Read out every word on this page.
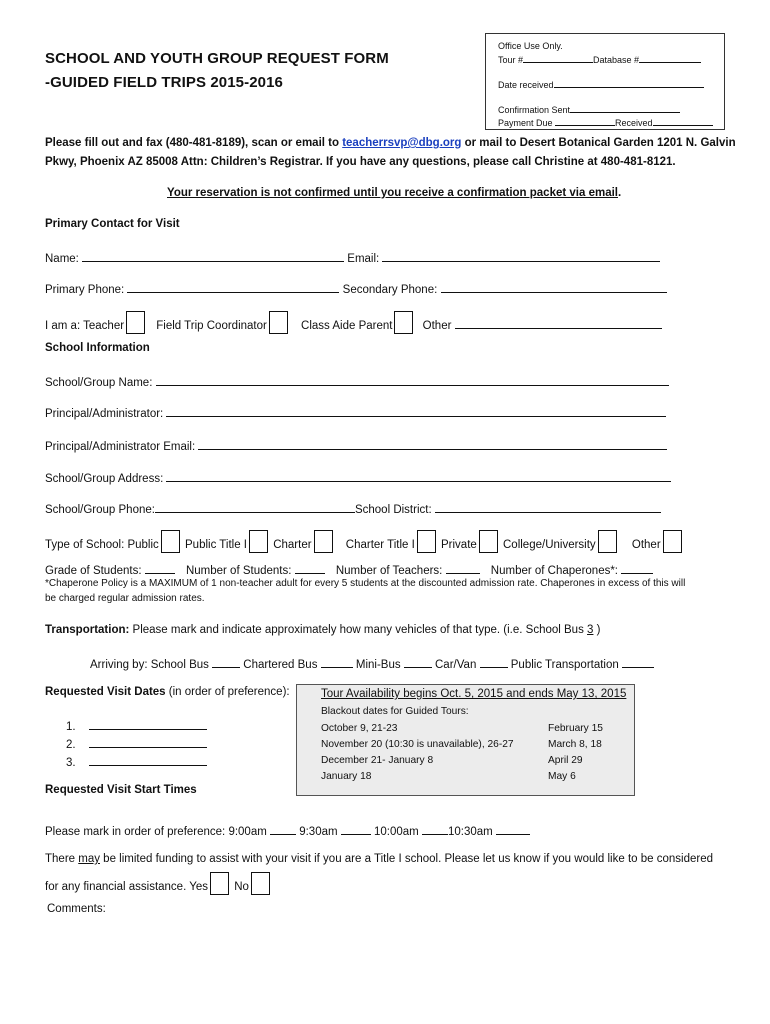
SCHOOL AND YOUTH GROUP REQUEST FORM
-GUIDED FIELD TRIPS 2015-2016
Office Use Only.
Tour #	Database #
Date received
Confirmation Sent
Payment Due	Received
Please fill out and fax (480-481-8189), scan or email to teacherrsvp@dbg.org or mail to Desert Botanical Garden 1201 N. Galvin
Pkwy, Phoenix AZ 85008 Attn: Children’s Registrar. If you have any questions, please call Christine at 480-481-8121.
Your reservation is not confirmed until you receive a confirmation packet via email.
Primary Contact for Visit
Name:	Email:
Primary Phone:	Secondary Phone:
I am a: Teacher	Field Trip Coordinator	Class Aide Parent	Other
School Information
School/Group Name:
Principal/Administrator:
Principal/Administrator Email:
School/Group Address:
School/Group Phone:	School District:
Type of School: Public Public Title I Charter	Charter Title I Private College/University	Other
Grade of Students:	Number of Students:	Number of Teachers:	Number of Chaperones*:
*Chaperone Policy is a MAXIMUM of 1 non-teacher adult for every 5 students at the discounted admission rate. Chaperones in excess of this will
be charged regular admission rates.
Transportation: Please mark and indicate approximately how many vehicles of that type. (i.e. School Bus 3 )
Arriving by: School Bus	Chartered Bus	Mini-Bus	Car/Van	Public Transportation
Requested Visit Dates (in order of preference):
1.
2.
3.
Requested Visit Start Times
Tour Availability begins Oct. 5, 2015 and ends May 13, 2015
Blackout dates for Guided Tours:
October 9, 21-23
November 20 (10:30 is unavailable), 26-27
December 21- January 8
January 18
February 15
March 8, 18
April 29
May 6
Please mark in order of preference: 9:00am	9:30am	10:00am	10:30am
There may be limited funding to assist with your visit if you are a Title I school. Please let us know if you would like to be considered
for any financial assistance. Yes No
Comments:
